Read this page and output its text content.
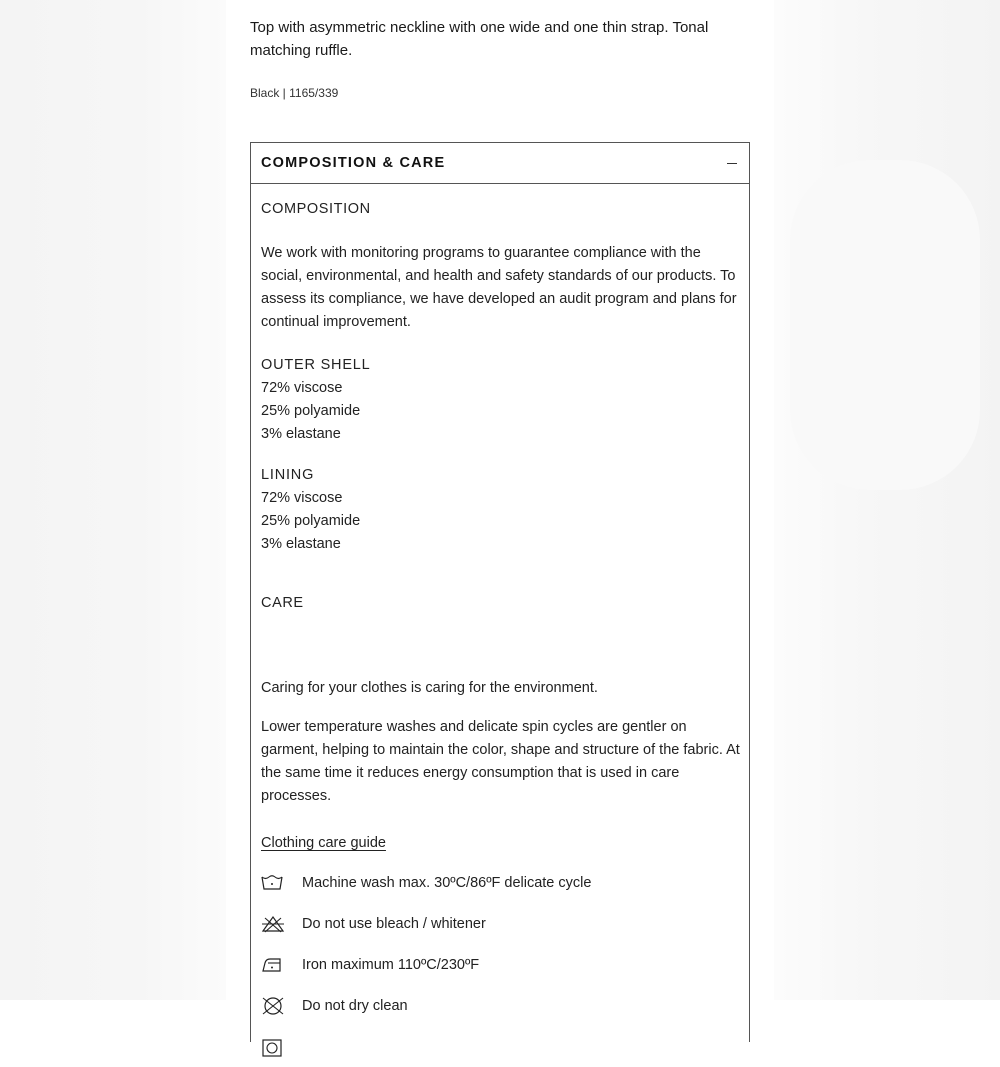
Top with asymmetric neckline with one wide and one thin strap. Tonal matching ruffle.

Black | 1165/339

COMPOSITION & CARE
COMPOSITION

We work with monitoring programs to guarantee compliance with the social, environmental, and health and safety standards of our products. To assess its compliance, we have developed an audit program and plans for continual improvement.

OUTER SHELL
72% viscose
25% polyamide
3% elastane
LINING
72% viscose
25% polyamide
3% elastane
CARE

Caring for your clothes is caring for the environment.

Lower temperature washes and delicate spin cycles are gentler on garment, helping to maintain the color, shape and structure of the fabric. At the same time it reduces energy consumption that is used in care processes.

Clothing care guide
Machine wash max. 30ºC/86ºF delicate cycle
Do not use bleach / whitener
Iron maximum 110ºC/230ºF
Do not dry clean
